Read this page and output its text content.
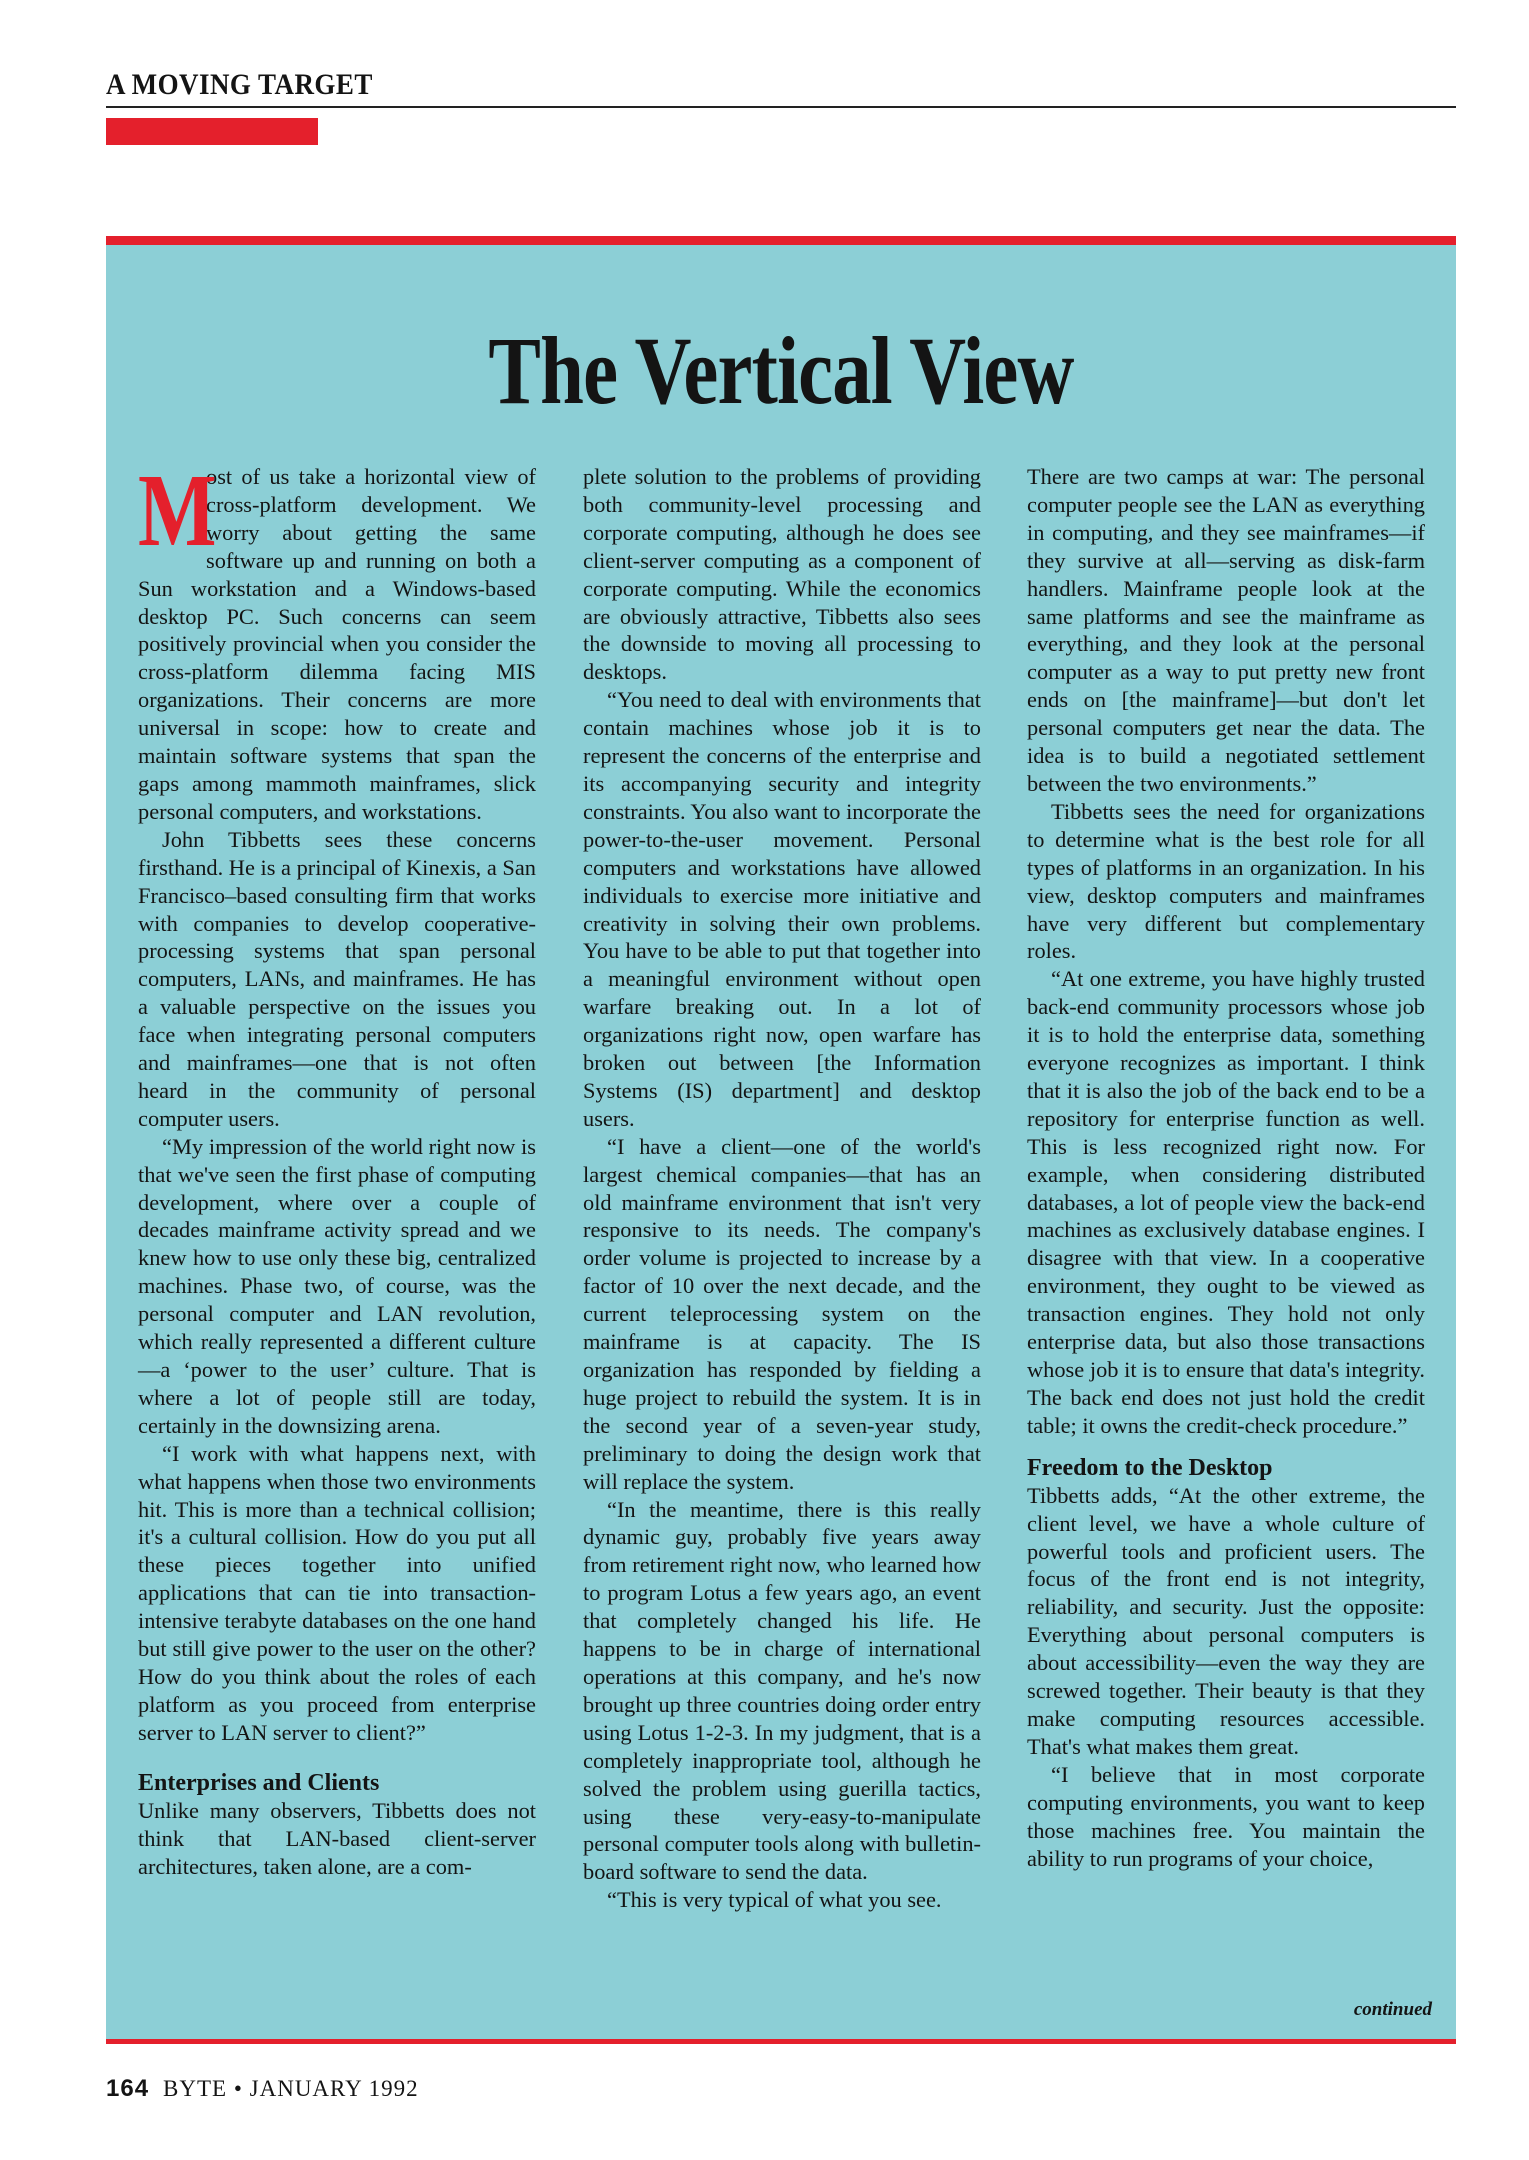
A MOVING TARGET
The Vertical View

M
ost of us take a horizontal view of cross-platform development. We worry about getting the same software up and running on both a Sun workstation and a Windows-based desktop PC. Such concerns can seem positively provincial when you consider the cross-platform dilemma facing MIS organizations. Their concerns are more universal in scope: how to create and maintain software systems that span the gaps among mammoth mainframes, slick personal computers, and workstations.

John Tibbetts sees these concerns firsthand. He is a principal of Kinexis, a San Francisco–based consulting firm that works with companies to develop cooperative-processing systems that span personal computers, LANs, and mainframes. He has a valuable perspective on the issues you face when integrating personal computers and mainframes—one that is not often heard in the community of personal computer users.

“My impression of the world right now is that we've seen the first phase of computing development, where over a couple of decades mainframe activity spread and we knew how to use only these big, centralized machines. Phase two, of course, was the personal computer and LAN revolution, which really represented a different culture—a ‘power to the user’ culture. That is where a lot of people still are today, certainly in the downsizing arena.

“I work with what happens next, with what happens when those two environments hit. This is more than a technical collision; it's a cultural collision. How do you put all these pieces together into unified applications that can tie into transaction-intensive terabyte databases on the one hand but still give power to the user on the other? How do you think about the roles of each platform as you proceed from enterprise server to LAN server to client?”

Enterprises and Clients

Unlike many observers, Tibbetts does not think that LAN-based client-server architectures, taken alone, are a com-

plete solution to the problems of providing both community-level processing and corporate computing, although he does see client-server computing as a component of corporate computing. While the economics are obviously attractive, Tibbetts also sees the downside to moving all processing to desktops.

“You need to deal with environments that contain machines whose job it is to represent the concerns of the enterprise and its accompanying security and integrity constraints. You also want to incorporate the power-to-the-user movement. Personal computers and workstations have allowed individuals to exercise more initiative and creativity in solving their own problems. You have to be able to put that together into a meaningful environment without open warfare breaking out. In a lot of organizations right now, open warfare has broken out between [the Information Systems (IS) department] and desktop users.

“I have a client—one of the world's largest chemical companies—that has an old mainframe environment that isn't very responsive to its needs. The company's order volume is projected to increase by a factor of 10 over the next decade, and the current teleprocessing system on the mainframe is at capacity. The IS organization has responded by fielding a huge project to rebuild the system. It is in the second year of a seven-year study, preliminary to doing the design work that will replace the system.

“In the meantime, there is this really dynamic guy, probably five years away from retirement right now, who learned how to program Lotus a few years ago, an event that completely changed his life. He happens to be in charge of international operations at this company, and he's now brought up three countries doing order entry using Lotus 1-2-3. In my judgment, that is a completely inappropriate tool, although he solved the problem using guerilla tactics, using these very-easy-to-manipulate personal computer tools along with bulletin-board software to send the data.

“This is very typical of what you see.

There are two camps at war: The personal computer people see the LAN as everything in computing, and they see mainframes—if they survive at all—serving as disk-farm handlers. Mainframe people look at the same platforms and see the mainframe as everything, and they look at the personal computer as a way to put pretty new front ends on [the mainframe]—but don't let personal computers get near the data. The idea is to build a negotiated settlement between the two environments.”

Tibbetts sees the need for organizations to determine what is the best role for all types of platforms in an organization. In his view, desktop computers and mainframes have very different but complementary roles.

“At one extreme, you have highly trusted back-end community processors whose job it is to hold the enterprise data, something everyone recognizes as important. I think that it is also the job of the back end to be a repository for enterprise function as well. This is less recognized right now. For example, when considering distributed databases, a lot of people view the back-end machines as exclusively database engines. I disagree with that view. In a cooperative environment, they ought to be viewed as transaction engines. They hold not only enterprise data, but also those transactions whose job it is to ensure that data's integrity. The back end does not just hold the credit table; it owns the credit-check procedure.”

Freedom to the Desktop

Tibbetts adds, “At the other extreme, the client level, we have a whole culture of powerful tools and proficient users. The focus of the front end is not integrity, reliability, and security. Just the opposite: Everything about personal computers is about accessibility—even the way they are screwed together. Their beauty is that they make computing resources accessible. That's what makes them great.

“I believe that in most corporate computing environments, you want to keep those machines free. You maintain the ability to run programs of your choice,

continued
164 BYTE • JANUARY 1992
